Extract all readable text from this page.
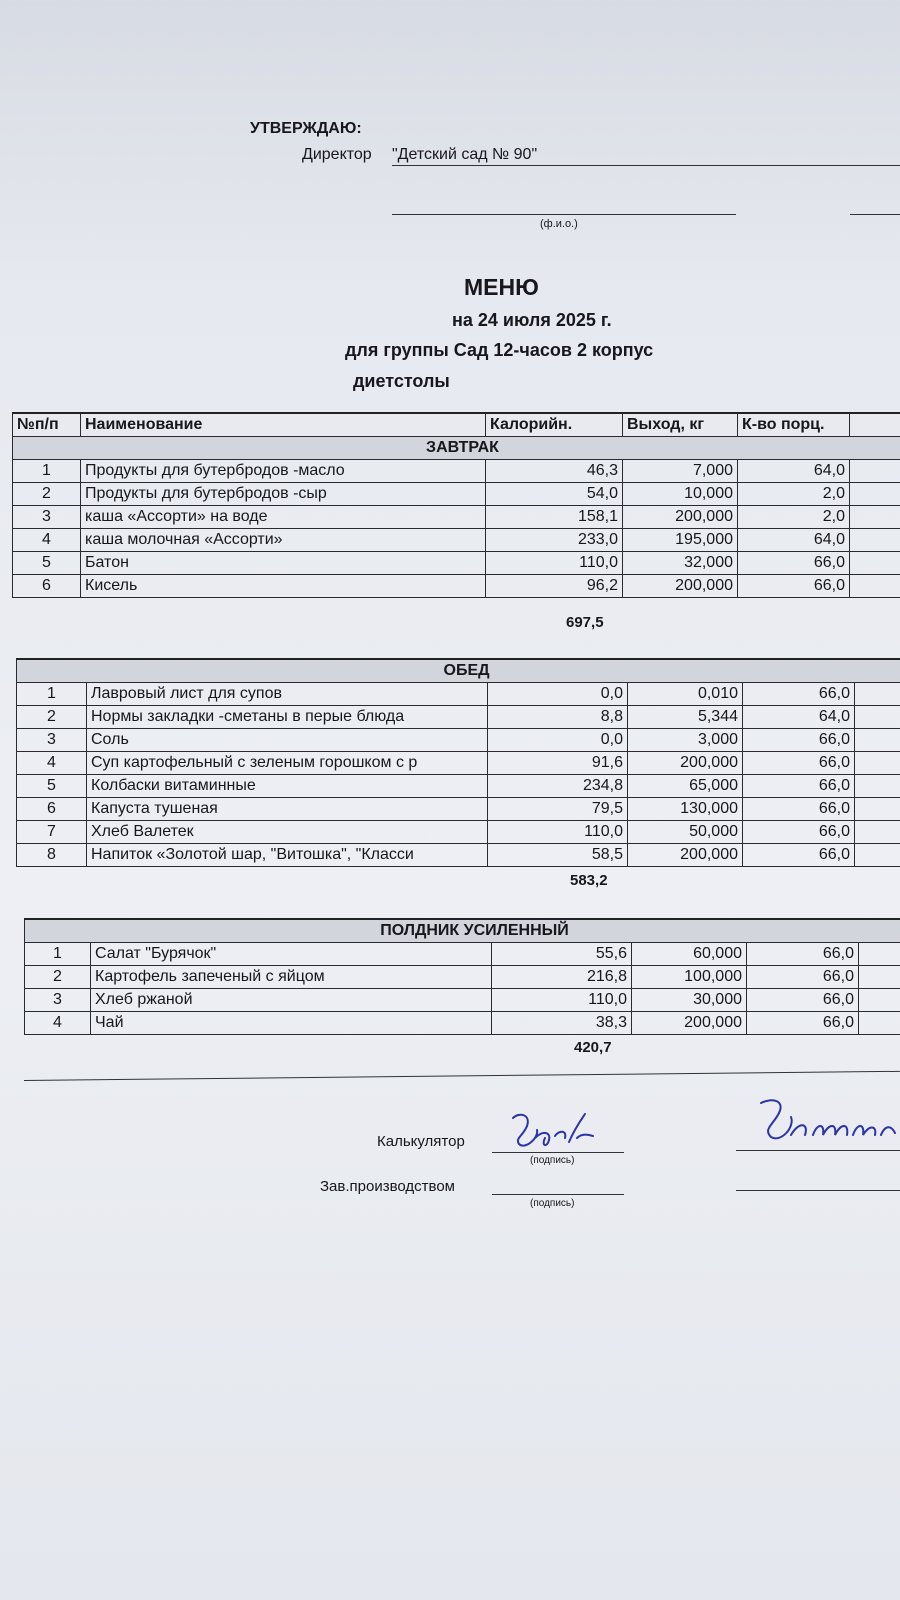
УТВЕРЖДАЮ:
Директор "Детский сад № 90"
(ф.и.о.)
МЕНЮ
на 24 июля 2025 г.
для группы Сад 12-часов 2 корпус
диетстолы
№п/п	Наименование	Калорийн.	Выход, кг	К-во порц.	
ЗАВТРАК					
1	Продукты для бутербродов -масло	46,3	7,000	64,0	
2	Продукты для бутербродов -сыр	54,0	10,000	2,0	
3	каша «Ассорти» на воде	158,1	200,000	2,0	
4	каша молочная «Ассорти»	233,0	195,000	64,0	
5	Батон	110,0	32,000	66,0	
6	Кисель	96,2	200,000	66,0	
697,5
ОБЕД					
1	Лавровый лист для супов	0,0	0,010	66,0	
2	Нормы закладки -сметаны в перые блюда	8,8	5,344	64,0	
3	Соль	0,0	3,000	66,0	
4	Суп картофельный с зеленым горошком с р	91,6	200,000	66,0	
5	Колбаски витаминные	234,8	65,000	66,0	
6	Капуста тушеная	79,5	130,000	66,0	
7	Хлеб Валетек	110,0	50,000	66,0	
8	Напиток «Золотой шар, "Витошка", "Класси	58,5	200,000	66,0	
583,2
ПОЛДНИК УСИЛЕННЫЙ					
1	Салат "Бурячок"	55,6	60,000	66,0	
2	Картофель запеченый с яйцом	216,8	100,000	66,0	
3	Хлеб ржаной	110,0	30,000	66,0	
4	Чай	38,3	200,000	66,0	
420,7
Калькулятор
(подпись)
Зав.производством
(подпись)
